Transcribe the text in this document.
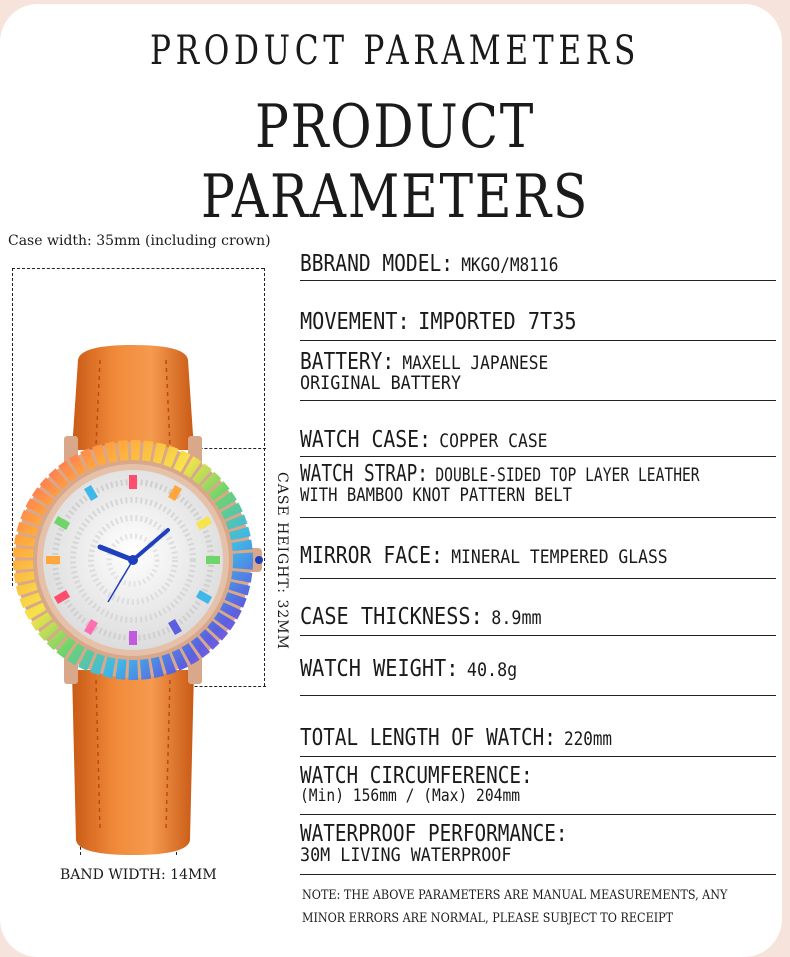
PRODUCT PARAMETERS
PRODUCT PARAMETERS
Case width: 35mm (including crown)
CASE HEIGHT: 32MM
BAND WIDTH: 14MM
BBRAND MODEL: MKGO/M8116
MOVEMENT: IMPORTED 7T35
BATTERY: MAXELL JAPANESE
ORIGINAL BATTERY
WATCH CASE: COPPER CASE
WATCH STRAP: DOUBLE-SIDED TOP LAYER LEATHER
WITH BAMBOO KNOT PATTERN BELT
MIRROR FACE: MINERAL TEMPERED GLASS
CASE THICKNESS: 8.9mm
WATCH WEIGHT: 40.8g
TOTAL LENGTH OF WATCH: 220mm
WATCH CIRCUMFERENCE:
(Min) 156mm / (Max) 204mm
WATERPROOF PERFORMANCE:
30M LIVING WATERPROOF
NOTE: THE ABOVE PARAMETERS ARE MANUAL MEASUREMENTS, ANY
MINOR ERRORS ARE NORMAL, PLEASE SUBJECT TO RECEIPT
